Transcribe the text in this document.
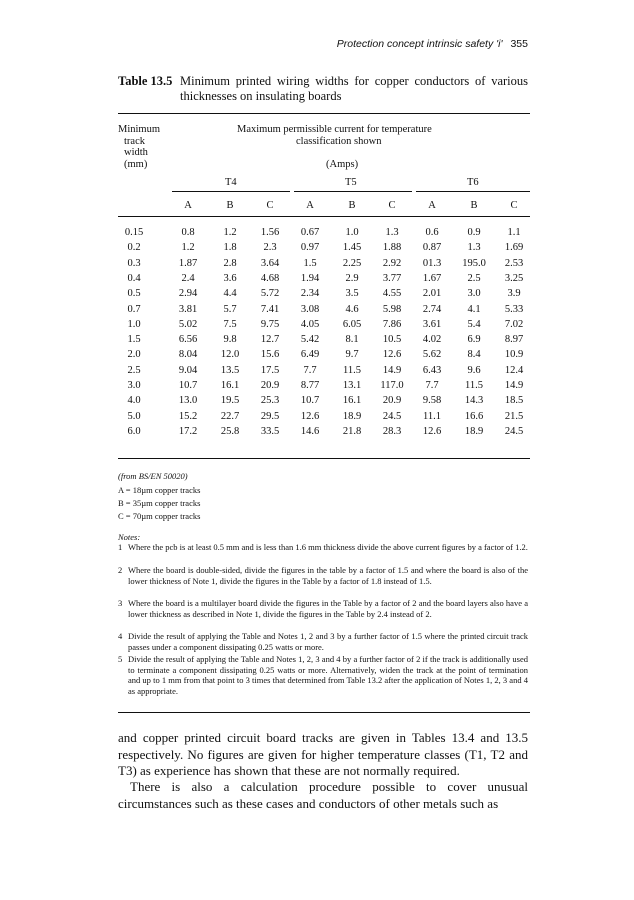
Protection concept intrinsic safety 'i' 355
Table 13.5 Minimum printed wiring widths for copper conductors of various thicknesses on insulating boards
Minimum
track
width
(mm)
Maximum permissible current for temperature
classification shown
(Amps)
T4	T5	T6
A	B	C	A	B	C	A	B	C
0.15	0.8	1.2 1.56 0.67	1.0	1.3	0.6	0.9	1.1
0.2	1.2	1.8	2.3 0.97 1.45 1.88 0.87	1.3 1.69
0.3	1.87	2.8 3.64 1.5	2.25 2.92 01.3 195.0 2.53
0.4	2.4	3.6 4.68 1.94	2.9 3.77 1.67	2.5 3.25
0.5	2.94	4.4 5.72 2.34	3.5 4.55 2.01	3.0	3.9
0.7	3.81	5.7 7.41 3.08	4.6 5.98 2.74	4.1 5.33
1.0	5.02	7.5 9.75 4.05 6.05 7.86 3.61	5.4 7.02
1.5	6.56	9.8 12.7 5.42	8.1 10.5 4.02	6.9 8.97
2.0	8.04 12.0 15.6 6.49	9.7 12.6 5.62	8.4 10.9
2.5	9.04 13.5 17.5 7.7	11.5 14.9 6.43	9.6 12.4
3.0	10.7 16.1 20.9 8.77 13.1 117.0 7.7	11.5 14.9
4.0	13.0 19.5 25.3 10.7 16.1 20.9 9.58 14.3 18.5
5.0	15.2 22.7 29.5 12.6 18.9 24.5 11.1 16.6 21.5
6.0	17.2 25.8 33.5 14.6 21.8 28.3 12.6 18.9 24.5
(from BS/EN 50020)
A = 18µm copper tracks
B = 35µm copper tracks
C = 70µm copper tracks
Notes:
1 Where the pcb is at least 0.5 mm and is less than 1.6 mm thickness divide the above current figures by a factor of 1.2.
2 Where the board is double-sided, divide the figures in the table by a factor of 1.5 and where the board is also of the lower thickness of Note 1, divide the figures in the Table by a factor of 1.8 instead of 1.5.
3 Where the board is a multilayer board divide the figures in the Table by a factor of 2 and the board layers also have a lower thickness as described in Note 1, divide the figures in the Table by 2.4 instead of 2.
4 Divide the result of applying the Table and Notes 1, 2 and 3 by a further factor of 1.5 where the printed circuit track passes under a component dissipating 0.25 watts or more.
5 Divide the result of applying the Table and Notes 1, 2, 3 and 4 by a further factor of 2 if the track is additionally used to terminate a component dissipating 0.25 watts or more. Alternatively, widen the track at the point of termination and up to 1 mm from that point to 3 times that determined from Table 13.2 after the application of Notes 1, 2, 3 and 4 as appropriate.
and copper printed circuit board tracks are given in Tables 13.4 and 13.5 respectively. No figures are given for higher temperature classes (T1, T2 and T3) as experience has shown that these are not normally required.
There is also a calculation procedure possible to cover unusual circumstances such as these cases and conductors of other metals such as
